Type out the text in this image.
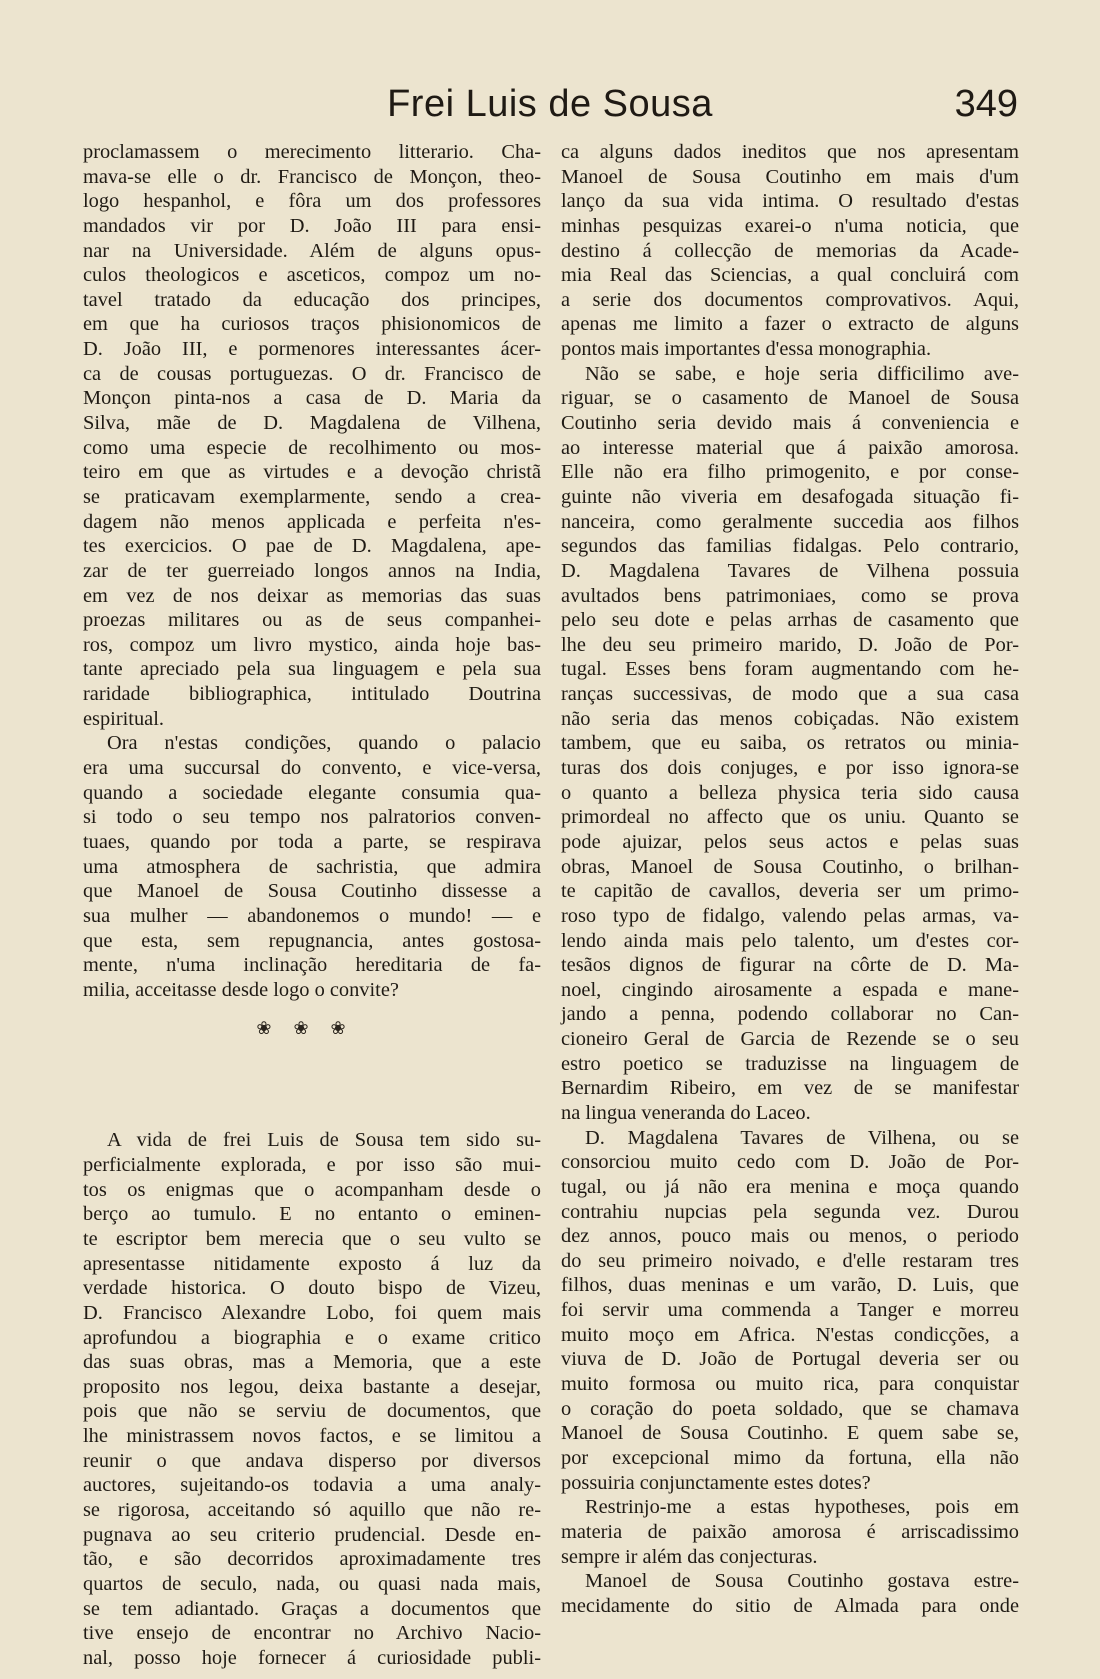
Frei Luis de Sousa	349
proclamassem o merecimento litterario. Cha-
mava-se elle o dr. Francisco de Monçon, theo-
logo hespanhol, e fôra um dos professores
mandados vir por D. João III para ensi-
nar na Universidade. Além de alguns opus-
culos theologicos e asceticos, compoz um no-
tavel tratado da educação dos principes,
em que ha curiosos traços phisionomicos de
D. João III, e pormenores interessantes ácer-
ca de cousas portuguezas. O dr. Francisco de
Monçon pinta-nos a casa de D. Maria da
Silva, mãe de D. Magdalena de Vilhena,
como uma especie de recolhimento ou mos-
teiro em que as virtudes e a devoção christã
se praticavam exemplarmente, sendo a crea-
dagem não menos applicada e perfeita n'es-
tes exercicios. O pae de D. Magdalena, ape-
zar de ter guerreiado longos annos na India,
em vez de nos deixar as memorias das suas
proezas militares ou as de seus companhei-
ros, compoz um livro mystico, ainda hoje bas-
tante apreciado pela sua linguagem e pela sua
raridade bibliographica, intitulado Doutrina
espiritual.
Ora n'estas condições, quando o palacio
era uma succursal do convento, e vice-versa,
quando a sociedade elegante consumia qua-
si todo o seu tempo nos palratorios conven-
tuaes, quando por toda a parte, se respirava
uma atmosphera de sachristia, que admira
que Manoel de Sousa Coutinho dissesse a
sua mulher — abandonemos o mundo! — e
que esta, sem repugnancia, antes gostosa-
mente, n'uma inclinação hereditaria de fa-
milia, acceitasse desde logo o convite?
❀❀❀
A vida de frei Luis de Sousa tem sido su-
perficialmente explorada, e por isso são mui-
tos os enigmas que o acompanham desde o
berço ao tumulo. E no entanto o eminen-
te escriptor bem merecia que o seu vulto se
apresentasse nitidamente exposto á luz da
verdade historica. O douto bispo de Vizeu,
D. Francisco Alexandre Lobo, foi quem mais
aprofundou a biographia e o exame critico
das suas obras, mas a Memoria, que a este
proposito nos legou, deixa bastante a desejar,
pois que não se serviu de documentos, que
lhe ministrassem novos factos, e se limitou a
reunir o que andava disperso por diversos
auctores, sujeitando-os todavia a uma analy-
se rigorosa, acceitando só aquillo que não re-
pugnava ao seu criterio prudencial. Desde en-
tão, e são decorridos aproximadamente tres
quartos de seculo, nada, ou quasi nada mais,
se tem adiantado. Graças a documentos que
tive ensejo de encontrar no Archivo Nacio-
nal, posso hoje fornecer á curiosidade publi-
ca alguns dados ineditos que nos apresentam
Manoel de Sousa Coutinho em mais d'um
lanço da sua vida intima. O resultado d'estas
minhas pesquizas exarei-o n'uma noticia, que
destino á collecção de memorias da Acade-
mia Real das Sciencias, a qual concluirá com
a serie dos documentos comprovativos. Aqui,
apenas me limito a fazer o extracto de alguns
pontos mais importantes d'essa monographia.
Não se sabe, e hoje seria difficilimo ave-
riguar, se o casamento de Manoel de Sousa
Coutinho seria devido mais á conveniencia e
ao interesse material que á paixão amorosa.
Elle não era filho primogenito, e por conse-
guinte não viveria em desafogada situação fi-
nanceira, como geralmente succedia aos filhos
segundos das familias fidalgas. Pelo contrario,
D. Magdalena Tavares de Vilhena possuia
avultados bens patrimoniaes, como se prova
pelo seu dote e pelas arrhas de casamento que
lhe deu seu primeiro marido, D. João de Por-
tugal. Esses bens foram augmentando com he-
ranças successivas, de modo que a sua casa
não seria das menos cobiçadas. Não existem
tambem, que eu saiba, os retratos ou minia-
turas dos dois conjuges, e por isso ignora-se
o quanto a belleza physica teria sido causa
primordeal no affecto que os uniu. Quanto se
pode ajuizar, pelos seus actos e pelas suas
obras, Manoel de Sousa Coutinho, o brilhan-
te capitão de cavallos, deveria ser um primo-
roso typo de fidalgo, valendo pelas armas, va-
lendo ainda mais pelo talento, um d'estes cor-
tesãos dignos de figurar na côrte de D. Ma-
noel, cingindo airosamente a espada e mane-
jando a penna, podendo collaborar no Can-
cioneiro Geral de Garcia de Rezende se o seu
estro poetico se traduzisse na linguagem de
Bernardim Ribeiro, em vez de se manifestar
na lingua veneranda do Laceo.
D. Magdalena Tavares de Vilhena, ou se
consorciou muito cedo com D. João de Por-
tugal, ou já não era menina e moça quando
contrahiu nupcias pela segunda vez. Durou
dez annos, pouco mais ou menos, o periodo
do seu primeiro noivado, e d'elle restaram tres
filhos, duas meninas e um varão, D. Luis, que
foi servir uma commenda a Tanger e morreu
muito moço em Africa. N'estas condicções, a
viuva de D. João de Portugal deveria ser ou
muito formosa ou muito rica, para conquistar
o coração do poeta soldado, que se chamava
Manoel de Sousa Coutinho. E quem sabe se,
por excepcional mimo da fortuna, ella não
possuiria conjunctamente estes dotes?
Restrinjo-me a estas hypotheses, pois em
materia de paixão amorosa é arriscadissimo
sempre ir além das conjecturas.
Manoel de Sousa Coutinho gostava estre-
mecidamente do sitio de Almada para onde
